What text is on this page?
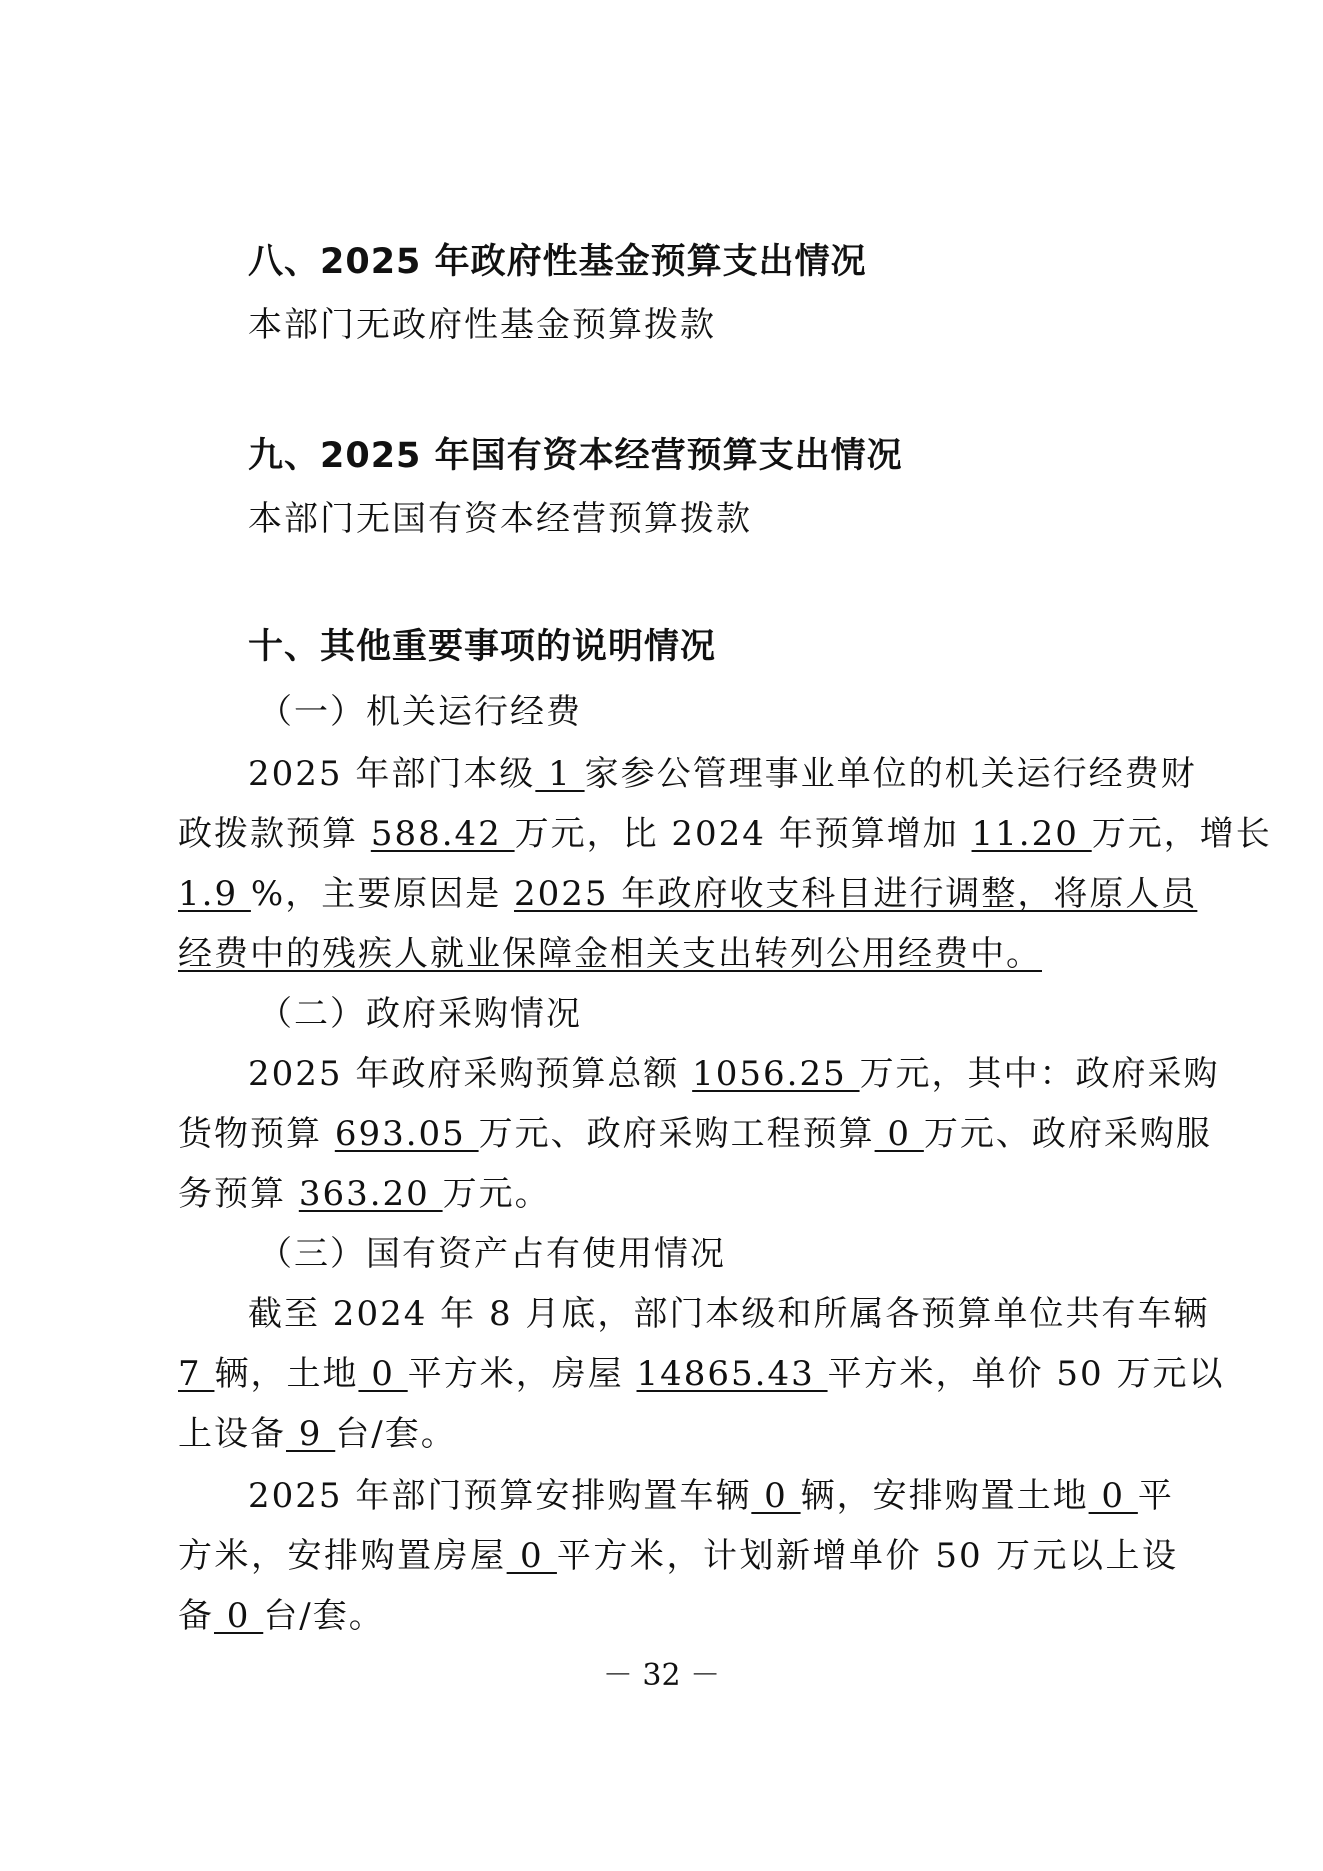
八、2025 年政府性基金预算支出情况
本部门无政府性基金预算拨款
九、2025 年国有资本经营预算支出情况
本部门无国有资本经营预算拨款
十、其他重要事项的说明情况
（一）机关运行经费
2025 年部门本级 1 家参公管理事业单位的机关运行经费财
政拨款预算 588.42 万元，比 2024 年预算增加 11.20 万元，增长
1.9 %，主要原因是 2025 年政府收支科目进行调整，将原人员
经费中的残疾人就业保障金相关支出转列公用经费中。
（二）政府采购情况
2025 年政府采购预算总额 1056.25 万元，其中：政府采购
货物预算 693.05 万元、政府采购工程预算 0 万元、政府采购服
务预算 363.20 万元。
（三）国有资产占有使用情况
截至 2024 年 8 月底，部门本级和所属各预算单位共有车辆
7 辆，土地 0 平方米，房屋 14865.43 平方米，单价 50 万元以
上设备 9 台/套。
2025 年部门预算安排购置车辆 0 辆，安排购置土地 0 平
方米，安排购置房屋 0 平方米，计划新增单价 50 万元以上设
备 0 台/套。
－ 32 －
